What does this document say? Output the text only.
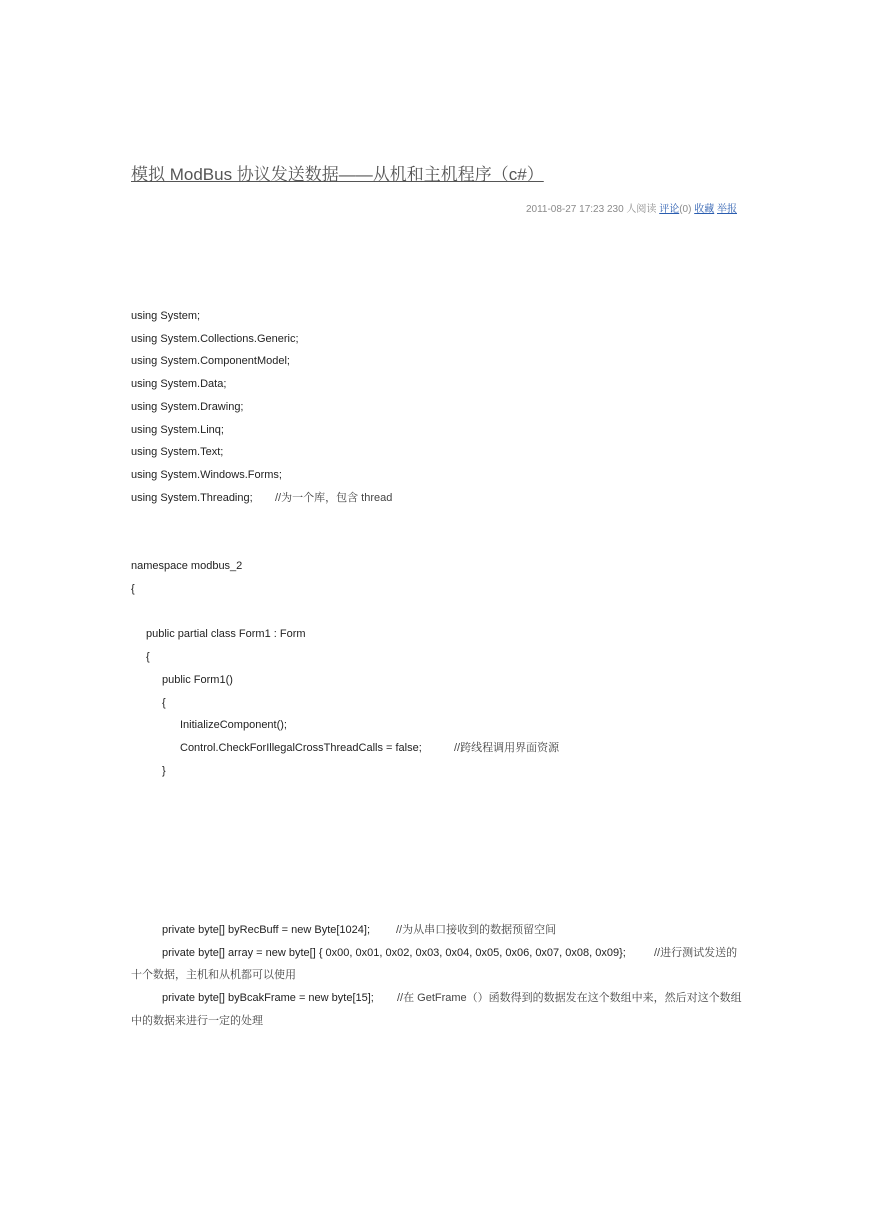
模拟 ModBus 协议发送数据——从机和主机程序（c#）
2011-08-27 17:23 230 人阅读 评论(0) 收藏 举报
using System;
using System.Collections.Generic;
using System.ComponentModel;
using System.Data;
using System.Drawing;
using System.Linq;
using System.Text;
using System.Windows.Forms;
using System.Threading; //为一个库，包含 thread
namespace modbus_2
{
public partial class Form1 : Form
{
public Form1()
{
InitializeComponent();
Control.CheckForIllegalCrossThreadCalls = false;	//跨线程调用界面资源
}
private byte[] byRecBuff = new Byte[1024]; //为从串口接收到的数据预留空间
private byte[] array = new byte[] { 0x00, 0x01, 0x02, 0x03, 0x04, 0x05, 0x06, 0x07, 0x08, 0x09};	//进行测试发送的
十个数据，主机和从机都可以使用
private byte[] byBcakFrame = new byte[15]; //在 GetFrame（）函数得到的数据发在这个数组中来，然后对这个数组
中的数据来进行一定的处理
